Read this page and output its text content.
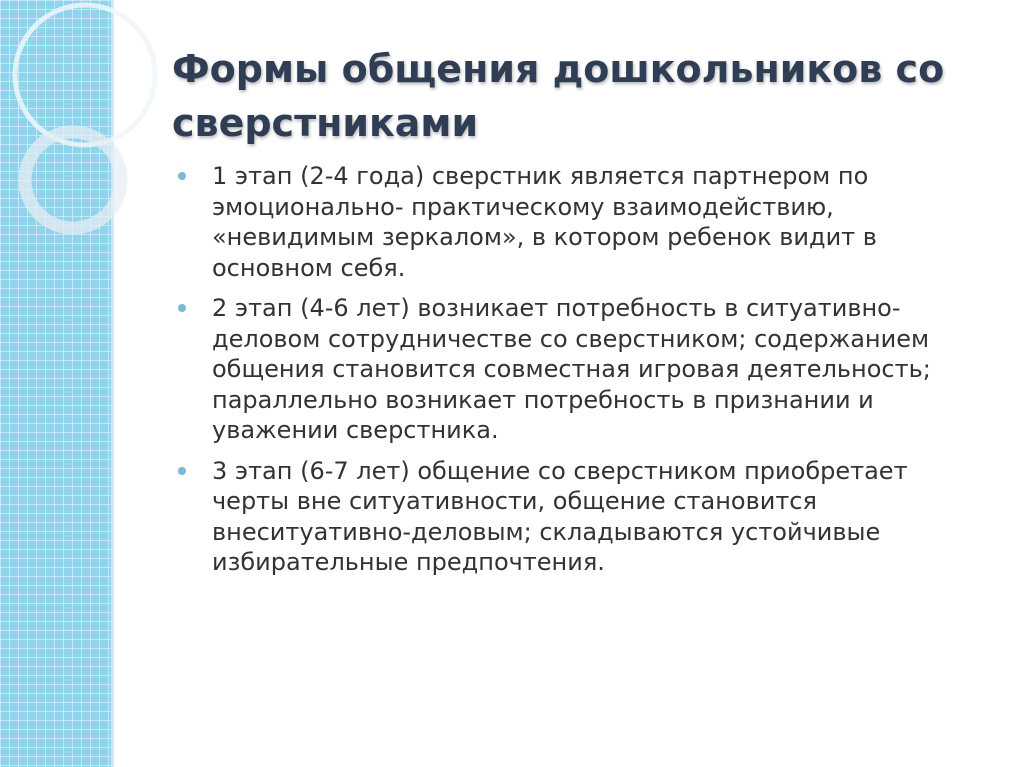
Формы общения дошкольников со сверстниками
1 этап (2-4 года) сверстник является партнером по эмоционально- практическому взаимодействию, «невидимым зеркалом», в котором ребенок видит в основном себя.
2 этап (4-6 лет) возникает потребность в ситуативно-деловом сотрудничестве со сверстником; содержанием общения становится совместная игровая деятельность; параллельно возникает потребность в признании и уважении сверстника.
3 этап (6-7 лет) общение со сверстником приобретает черты вне ситуативности, общение становится внеситуативно-деловым; складываются устойчивые избирательные предпочтения.
